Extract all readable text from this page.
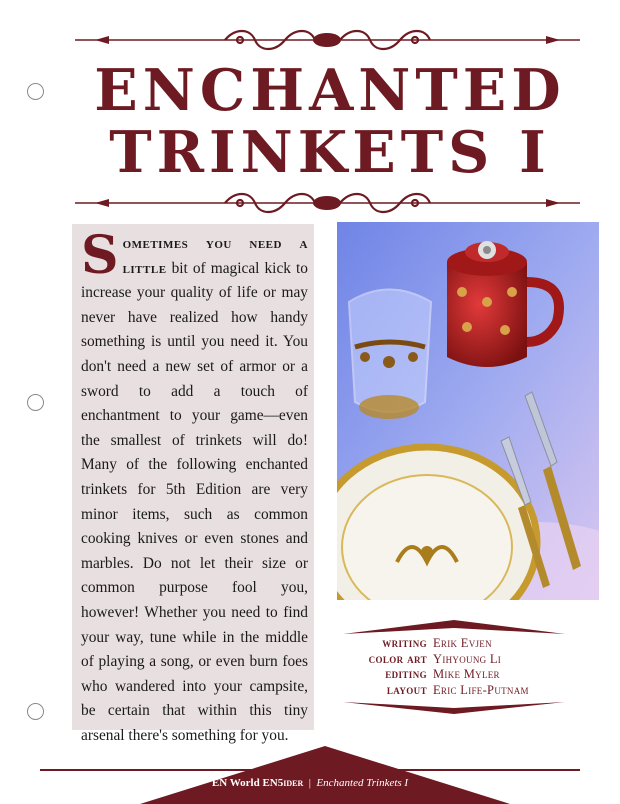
ENCHANTED
TRINKETS I

Sometimes you need a little bit of magical kick to increase your quality of life or may never have realized how handy something is until you need it. You don't need a new set of armor or a sword to add a touch of enchantment to your game—even the smallest of trinkets will do! Many of the following enchanted trinkets for 5th Edition are very minor items, such as common cooking knives or even stones and marbles. Do not let their size or common purpose fool you, however! Whether you need to find your way, tune while in the middle of playing a song, or even burn foes who wandered into your campsite, be certain that within this tiny arsenal there's something for you.

writing Erik Evjen
color art Yihyoung Li
editing Mike Myler
layout Eric Life-Putnam
EN World EN5ider | Enchanted Trinkets I
